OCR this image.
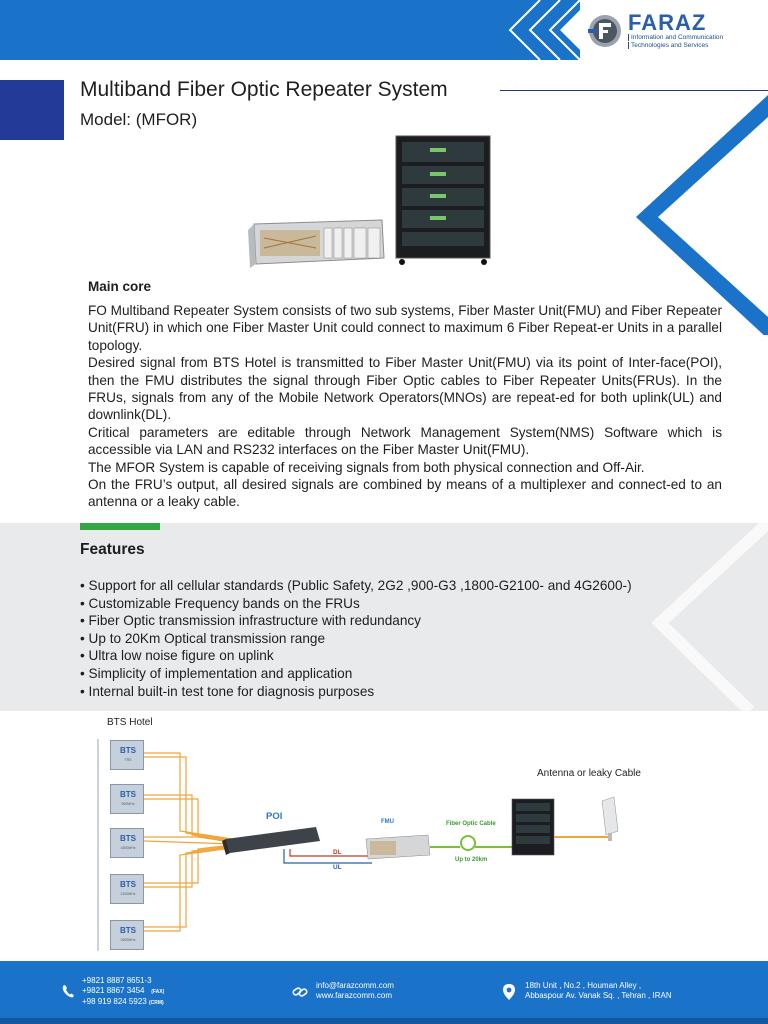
FARAZ
Information and Communication
Technologies and Services
Multiband Fiber Optic Repeater System
Model: (MFOR)
Main core

FO Multiband Repeater System consists of two sub systems, Fiber Master Unit(FMU) and Fiber Repeater Unit(FRU) in which one Fiber Master Unit could connect to maximum 6 Fiber Repeat-er Units in a parallel topology.

Desired signal from BTS Hotel is transmitted to Fiber Master Unit(FMU) via its point of Inter-face(POI), then the FMU distributes the signal through Fiber Optic cables to Fiber Repeater Units(FRUs). In the FRUs, signals from any of the Mobile Network Operators(MNOs) are repeat-ed for both uplink(UL) and downlink(DL).

Critical parameters are editable through Network Management System(NMS) Software which is accessible via LAN and RS232 interfaces on the Fiber Master Unit(FMU).

The MFOR System is capable of receiving signals from both physical connection and Off-Air.

On the FRU’s output, all desired signals are combined by means of a multiplexer and connect-ed to an antenna or a leaky cable.

Features
• Support for all cellular standards (Public Safety, 2G2 ,900-G3 ,1800-G2100- and 4G2600-)
• Customizable Frequency bands on the FRUs
• Fiber Optic transmission infrastructure with redundancy
• Up to 20Km Optical transmission range
• Ultra low noise figure on uplink
• Simplicity of implementation and application
• Internal built-in test tone for diagnosis purposes
BTS Hotel
Antenna or leaky Cable
POI	FMU	Fiber Optic Cable
Up to 20km
DL
UL
BTS
TRS
BTS
900MHz
BTS
1800MHz
BTS
2100MHz
BTS
2600MHz
+9821 8887 8651-3
+9821 8867 3454 (FAX)
+98 919 824 5923 (CRM)
info@farazcomm.com
www.farazcomm.com
18th Unit , No.2 , Houman Alley ,
Abbaspour Av. Vanak Sq. , Tehran , IRAN
